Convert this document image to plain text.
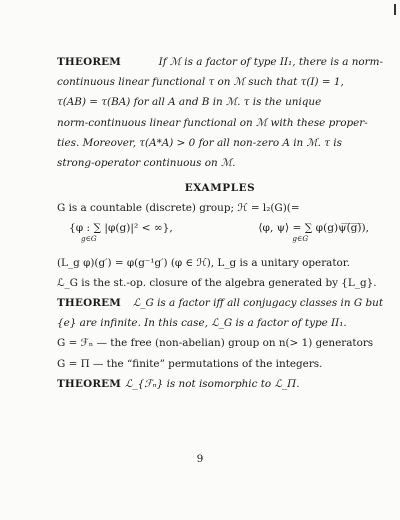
THEOREM	If ℳ is a factor of type II₁, there is a norm-
continuous linear functional τ on ℳ such that τ(I) = 1,
τ(AB) = τ(BA) for all A and B in ℳ. τ is the unique
norm-continuous linear functional on ℳ with these proper-
ties. Moreover, τ(A*A) > 0 for all non-zero A in ℳ. τ is
strong-operator continuous on ℳ.
EXAMPLES
G is a countable (discrete) group; ℋ = l₂(G)(=
{φ : ∑ |φ(g)|² < ∞},
g∈G
⟨φ, ψ⟩ = ∑ φ(g)ψ̅(̅g̅)̅),
g∈G
(L_g φ)(g′) = φ(g⁻¹g′) (φ ∈ ℋ), L_g is a unitary operator.
ℒ_G is the st.-op. closure of the algebra generated by {L_g}.
THEOREM ℒ_G is a factor iff all conjugacy classes in G but
{e} are infinite. In this case, ℒ_G is a factor of type II₁.
G = ℱₙ — the free (non-abelian) group on n(> 1) generators
G = Π — the “finite” permutations of the integers.
THEOREM ℒ_{ℱₙ} is not isomorphic to ℒ_Π.
9
